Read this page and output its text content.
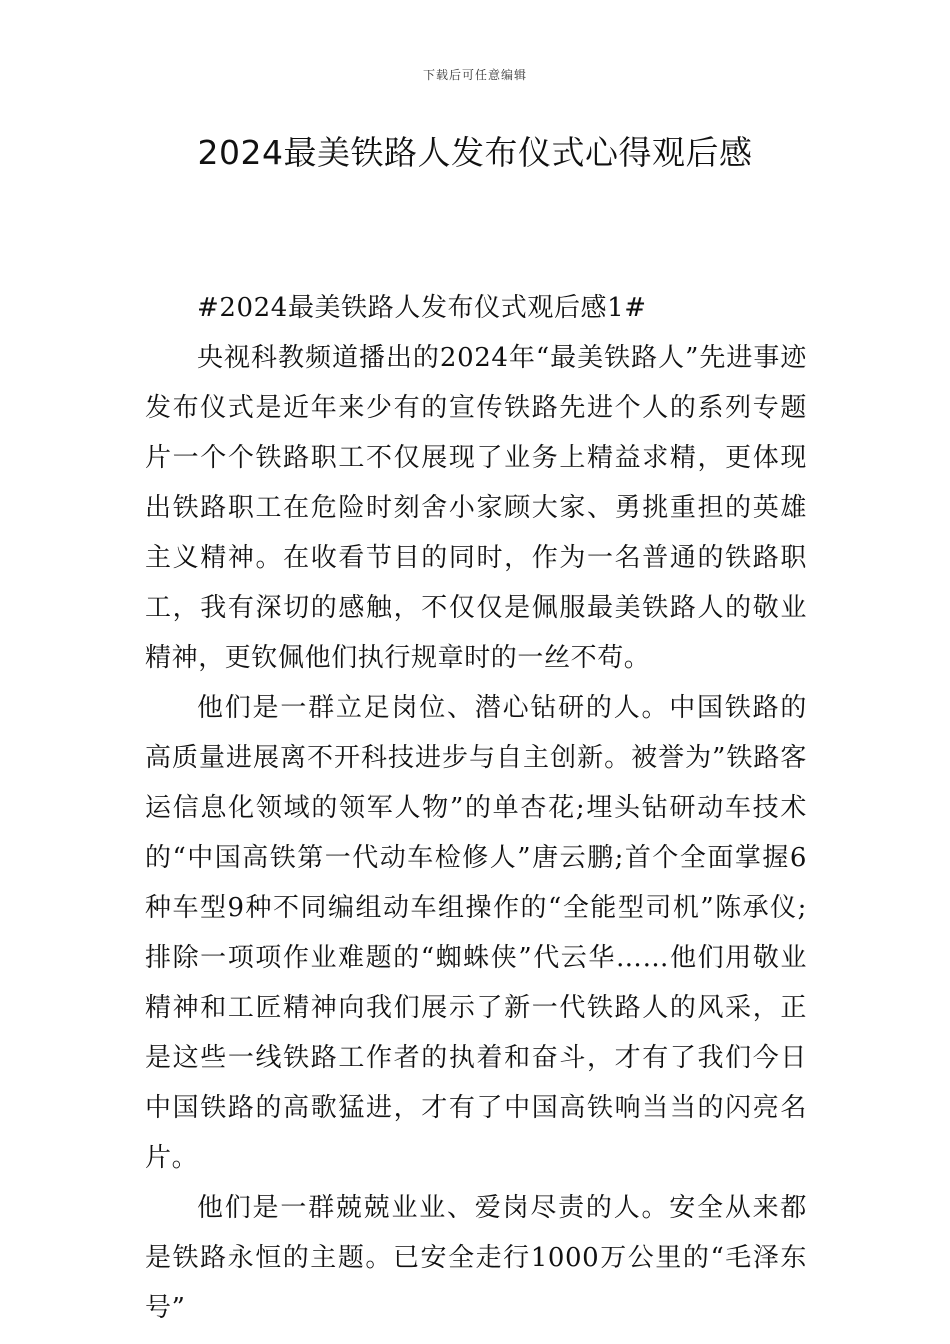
下载后可任意编辑
2024最美铁路人发布仪式心得观后感

#2024最美铁路人发布仪式观后感1#

央视科教频道播出的2024年“最美铁路人”先进事迹发布仪式是近年来少有的宣传铁路先进个人的系列专题片一个个铁路职工不仅展现了业务上精益求精，更体现出铁路职工在危险时刻舍小家顾大家、勇挑重担的英雄主义精神。在收看节目的同时，作为一名普通的铁路职工，我有深切的感触，不仅仅是佩服最美铁路人的敬业精神，更钦佩他们执行规章时的一丝不苟。

他们是一群立足岗位、潜心钻研的人。中国铁路的高质量进展离不开科技进步与自主创新。被誉为”铁路客运信息化领域的领军人物”的单杏花;埋头钻研动车技术的“中国高铁第一代动车检修人”唐云鹏;首个全面掌握6种车型9种不同编组动车组操作的“全能型司机”陈承仪;排除一项项作业难题的“蜘蛛侠”代云华……他们用敬业精神和工匠精神向我们展示了新一代铁路人的风采，正是这些一线铁路工作者的执着和奋斗，才有了我们今日中国铁路的高歌猛进，才有了中国高铁响当当的闪亮名片。

他们是一群兢兢业业、爱岗尽责的人。安全从来都是铁路永恒的主题。已安全走行1000万公里的“毛泽东号”
